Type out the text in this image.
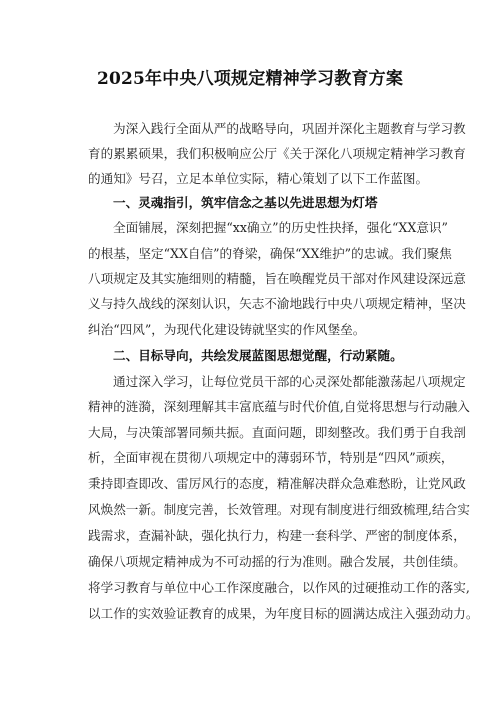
2025年中央八项规定精神学习教育方案
为深入践行全面从严的战略导向，巩固并深化主题教育与学习教
育的累累硕果，我们积极响应公厅《关于深化八项规定精神学习教育
的通知》号召，立足本单位实际，精心策划了以下工作蓝图。
一、灵魂指引，筑牢信念之基以先进思想为灯塔
全面铺展，深刻把握“xx确立”的历史性抉择，强化“XX意识”
的根基，坚定“XX自信”的脊梁，确保“XX维护”的忠诚。我们聚焦
八项规定及其实施细则的精髓，旨在唤醒党员干部对作风建设深远意
义与持久战线的深刻认识，矢志不渝地践行中央八项规定精神，坚决
纠治“四风”，为现代化建设铸就坚实的作风堡垒。
二、目标导向，共绘发展蓝图思想觉醒，行动紧随。
通过深入学习，让每位党员干部的心灵深处都能激荡起八项规定
精神的涟漪，深刻理解其丰富底蕴与时代价值,自觉将思想与行动融入
大局，与决策部署同频共振。直面问题，即刻整改。我们勇于自我剖
析，全面审视在贯彻八项规定中的薄弱环节，特别是“四风”顽疾，
秉持即查即改、雷厉风行的态度，精准解决群众急难愁盼，让党风政
风焕然一新。制度完善，长效管理。对现有制度进行细致梳理,结合实
践需求，查漏补缺，强化执行力，构建一套科学、严密的制度体系，
确保八项规定精神成为不可动摇的行为准则。融合发展，共创佳绩。
将学习教育与单位中心工作深度融合，以作风的过硬推动工作的落实,
以工作的实效验证教育的成果，为年度目标的圆满达成注入强劲动力。
